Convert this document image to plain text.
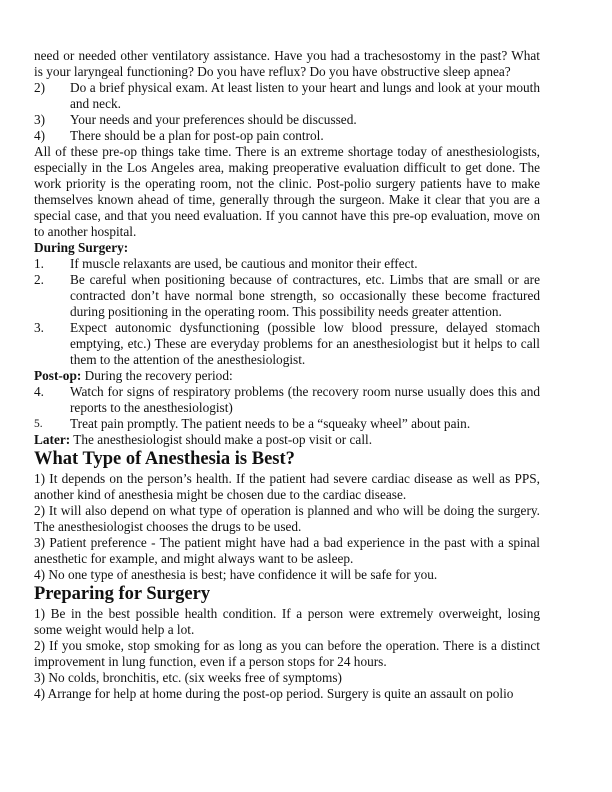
need or needed other ventilatory assistance. Have you had a trachesostomy in the past? What is your laryngeal functioning? Do you have reflux? Do you have obstructive sleep apnea?

2)	Do a brief physical exam. At least listen to your heart and lungs and look at your mouth and neck.
3)	Your needs and your preferences should be discussed.
4)	There should be a plan for post-op pain control.

All of these pre-op things take time. There is an extreme shortage today of anesthesiologists, especially in the Los Angeles area, making preoperative evaluation difficult to get done. The work priority is the operating room, not the clinic. Post-polio surgery patients have to make themselves known ahead of time, generally through the surgeon. Make it clear that you are a special case, and that you need evaluation. If you cannot have this pre-op evaluation, move on to another hospital.

During Surgery:

1.	If muscle relaxants are used, be cautious and monitor their effect.
2.	Be careful when positioning because of contractures, etc. Limbs that are small or are contracted don’t have normal bone strength, so occasionally these become fractured during positioning in the operating room. This possibility needs greater attention.
3.	Expect autonomic dysfunctioning (possible low blood pressure, delayed stomach emptying, etc.) These are everyday problems for an anesthesiologist but it helps to call them to the attention of the anesthesiologist.

Post-op: During the recovery period:

4.	Watch for signs of respiratory problems (the recovery room nurse usually does this and reports to the anesthesiologist)
5.	Treat pain promptly. The patient needs to be a “squeaky wheel” about pain.

Later: The anesthesiologist should make a post-op visit or call.

What Type of Anesthesia is Best?

1) It depends on the person’s health. If the patient had severe cardiac disease as well as PPS, another kind of anesthesia might be chosen due to the cardiac disease.

2) It will also depend on what type of operation is planned and who will be doing the surgery. The anesthesiologist chooses the drugs to be used.

3) Patient preference - The patient might have had a bad experience in the past with a spinal anesthetic for example, and might always want to be asleep.

4) No one type of anesthesia is best; have confidence it will be safe for you.

Preparing for Surgery

1) Be in the best possible health condition. If a person were extremely overweight, losing some weight would help a lot.

2) If you smoke, stop smoking for as long as you can before the operation. There is a distinct improvement in lung function, even if a person stops for 24 hours.

3) No colds, bronchitis, etc. (six weeks free of symptoms)

4) Arrange for help at home during the post-op period. Surgery is quite an assault on polio
